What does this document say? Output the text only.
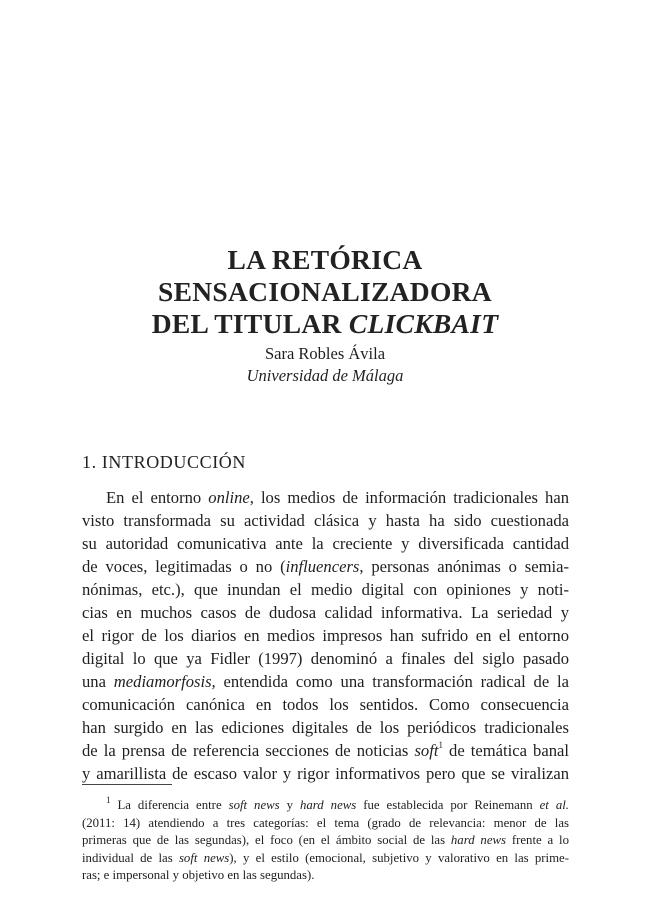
LA RETÓRICA
SENSACIONALIZADORA
DEL TITULAR CLICKBAIT
Sara Robles Ávila
Universidad de Málaga
1. INTRODUCCIÓN
En el entorno online, los medios de información tradicionales han
visto transformada su actividad clásica y hasta ha sido cuestionada
su autoridad comunicativa ante la creciente y diversificada cantidad
de voces, legitimadas o no (influencers, personas anónimas o semia-
nónimas, etc.), que inundan el medio digital con opiniones y noti-
cias en muchos casos de dudosa calidad informativa. La seriedad y
el rigor de los diarios en medios impresos han sufrido en el entorno
digital lo que ya Fidler (1997) denominó a finales del siglo pasado
una mediamorfosis, entendida como una transformación radical de la
comunicación canónica en todos los sentidos. Como consecuencia
han surgido en las ediciones digitales de los periódicos tradicionales
de la prensa de referencia secciones de noticias soft$^1$ de temática banal
y amarillista de escaso valor y rigor informativos pero que se viralizan
$^1$ La diferencia entre soft news y hard news fue establecida por Reinemann et al.
(2011: 14) atendiendo a tres categorías: el tema (grado de relevancia: menor de las
primeras que de las segundas), el foco (en el ámbito social de las hard news frente a lo
individual de las soft news), y el estilo (emocional, subjetivo y valorativo en las prime-
ras; e impersonal y objetivo en las segundas).
